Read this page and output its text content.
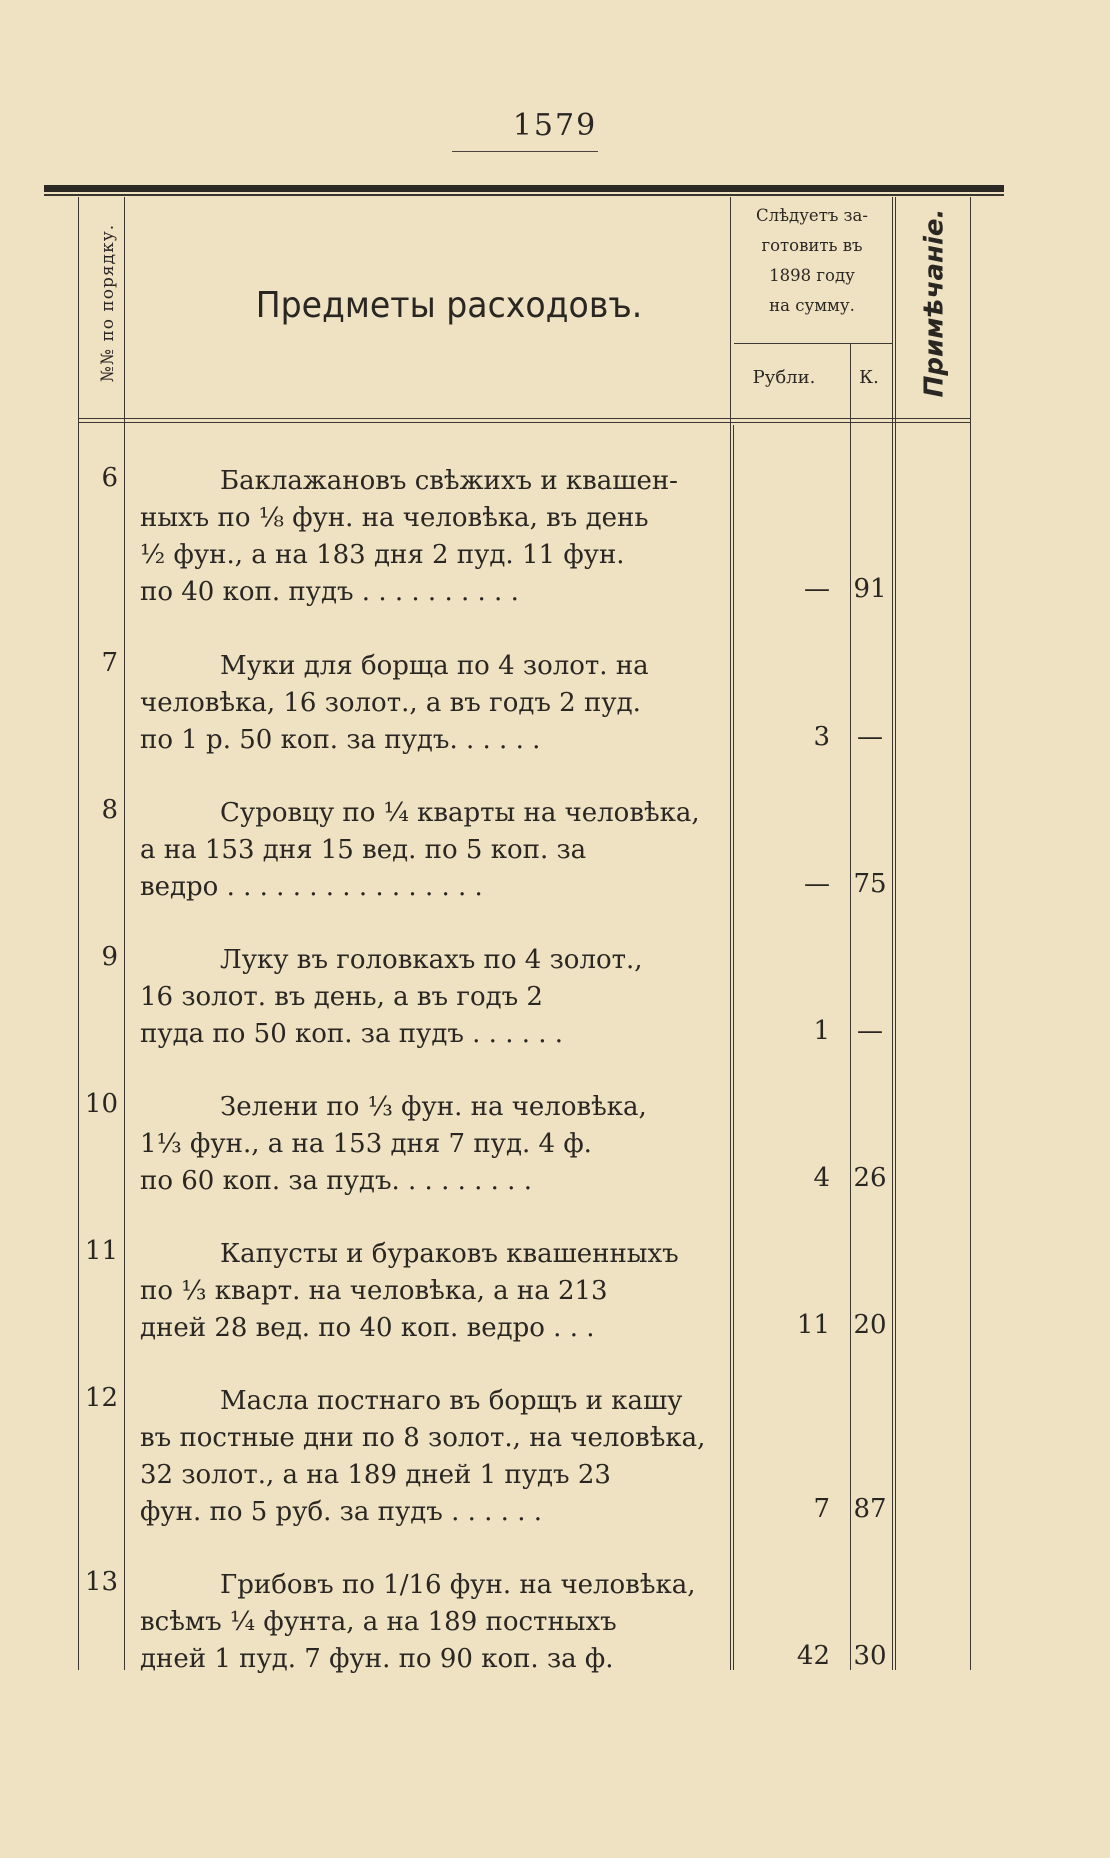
1579
№№ по порядку.	Предметы расходовъ.
Слѣдуетъ за-
готовить въ
1898 году
на сумму.
Рубли.	К.	Примѣчаніе.
6	Баклажановъ свѣжихъ и квашен-
ныхъ по ⅛ фун. на человѣка, въ день
½ фун., а на 183 дня 2 пуд. 11 фун.
по 40 коп. пудъ . . . . . . . . . .	— 91
7	Муки для борща по 4 золот. на
человѣка, 16 золот., а въ годъ 2 пуд.
по 1 р. 50 коп. за пудъ. . . . . .	3	—
8	Суровцу по ¼ кварты на человѣка,
а на 153 дня 15 вед. по 5 коп. за
ведро . . . . . . . . . . . . . . . .	— 75
9	Луку въ головкахъ по 4 золот.,
16 золот. въ день, а въ годъ 2
пуда по 50 коп. за пудъ . . . . . .	1	—
10	Зелени по ⅓ фун. на человѣка,
1⅓ фун., а на 153 дня 7 пуд. 4 ф.
по 60 коп. за пудъ. . . . . . . . .	4 26
11	Капусты и бураковъ квашенныхъ
по ⅓ кварт. на человѣка, а на 213
дней 28 вед. по 40 коп. ведро . . .	11 20
12	Масла постнаго въ борщъ и кашу
въ постные дни по 8 золот., на человѣка,
32 золот., а на 189 дней 1 пудъ 23
фун. по 5 руб. за пудъ . . . . . .	7 87
13	Грибовъ по 1/16 фун. на человѣка,
всѣмъ ¼ фунта, а на 189 постныхъ
дней 1 пуд. 7 фун. по 90 коп. за ф.	42 30
